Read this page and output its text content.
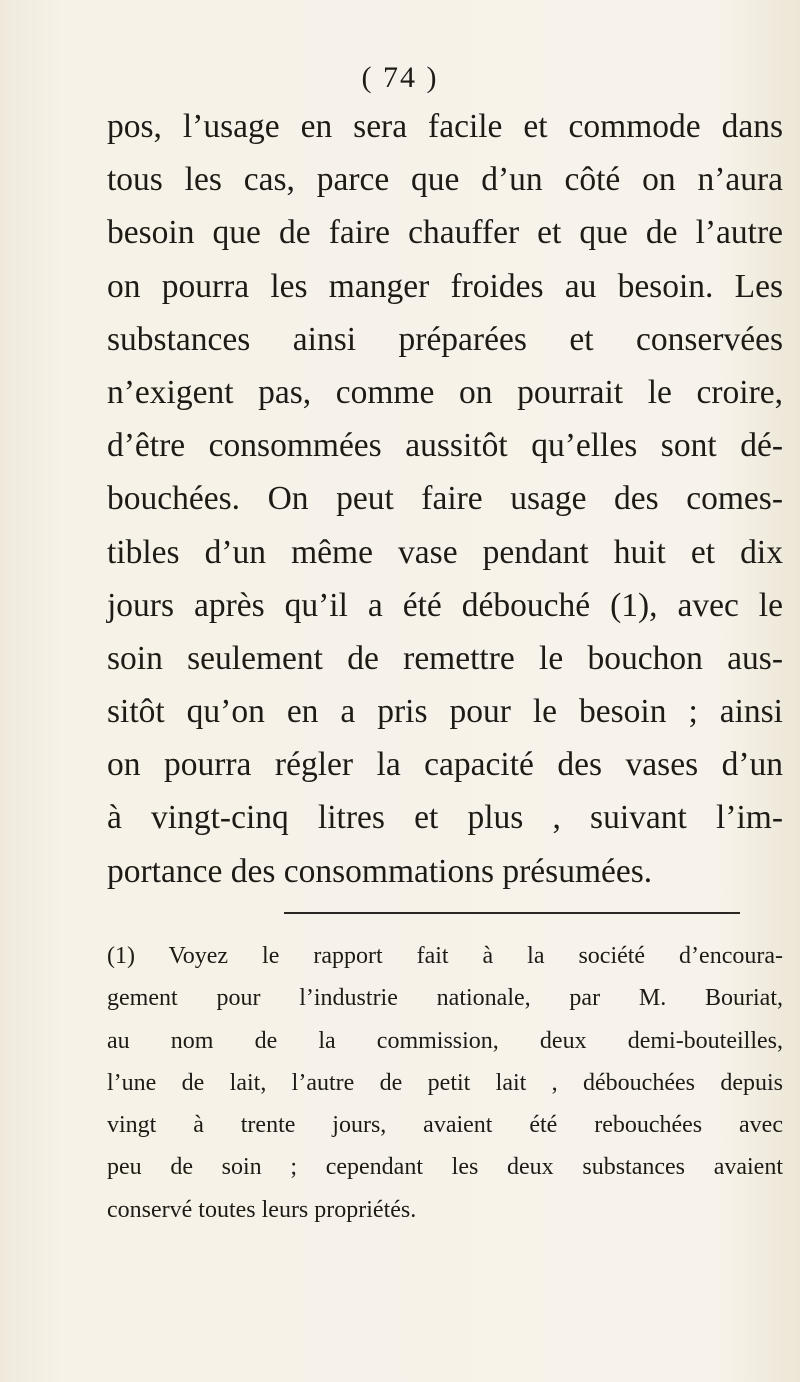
( 74 )
pos, l’usage en sera facile et commode dans
tous les cas, parce que d’un côté on n’aura
besoin que de faire chauffer et que de l’autre
on pourra les manger froides au besoin. Les
substances ainsi préparées et conservées
n’exigent pas, comme on pourrait le croire,
d’être consommées aussitôt qu’elles sont dé-
bouchées. On peut faire usage des comes-
tibles d’un même vase pendant huit et dix
jours après qu’il a été débouché (1), avec le
soin seulement de remettre le bouchon aus-
sitôt qu’on en a pris pour le besoin ; ainsi
on pourra régler la capacité des vases d’un
à vingt-cinq litres et plus , suivant l’im-
portance des consommations présumées.
(1) Voyez le rapport fait à la société d’encoura-
gement pour l’industrie nationale, par M. Bouriat,
au nom de la commission, deux demi-bouteilles,
l’une de lait, l’autre de petit lait , débouchées depuis
vingt à trente jours, avaient été rebouchées avec
peu de soin ; cependant les deux substances avaient
conservé toutes leurs propriétés.
